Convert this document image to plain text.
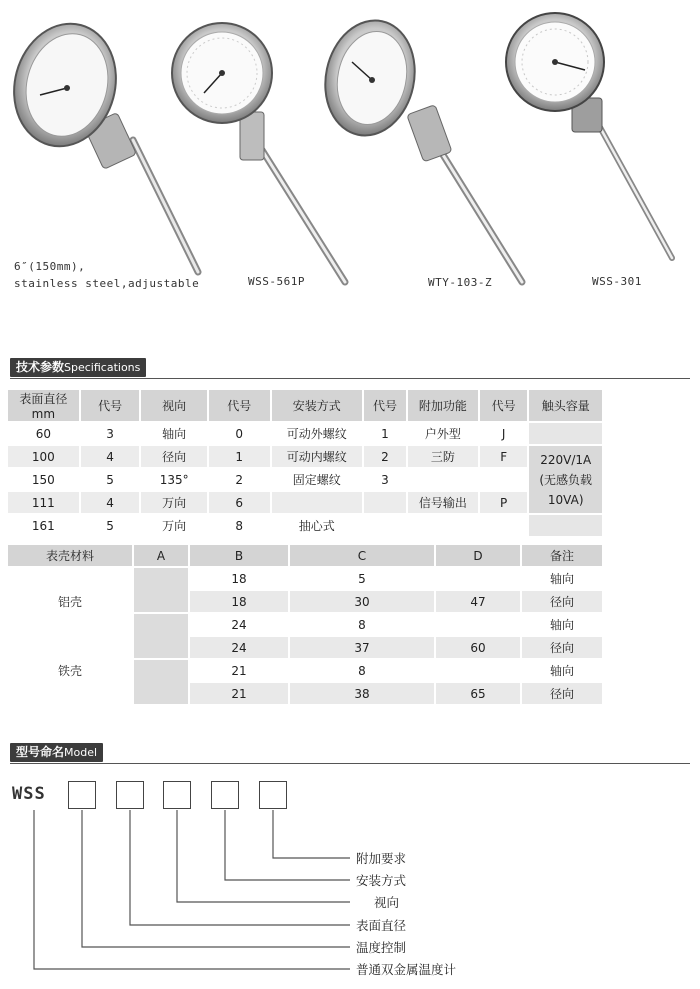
6″(150mm),
stainless steel,adjustable	WSS-561P	WTY-103-Z	WSS-301
技术参数Specifications
表面直径mm	代号	视向	代号	安装方式	代号	附加功能	代号	触头容量
60	3	轴向	0	可动外螺纹	1	户外型	J	
100	4	径向	1	可动内螺纹	2	三防	F	220V/1A
(无感负载
10VA)

150	5	135°	2	固定螺纹	3			
111	4	万向	6			信号输出	P	
161	5	万向	8	抽心式				
表壳材料	A	B	C	D	备注
铝壳		18	5		轴向
		18	30	47	径向
		24	8		轴向
铁壳		24	37	60	径向
		21	8		轴向
		21	38	65	径向
型号命名Model
WSS
附加要求
安装方式
视向
表面直径
温度控制
普通双金属温度计
